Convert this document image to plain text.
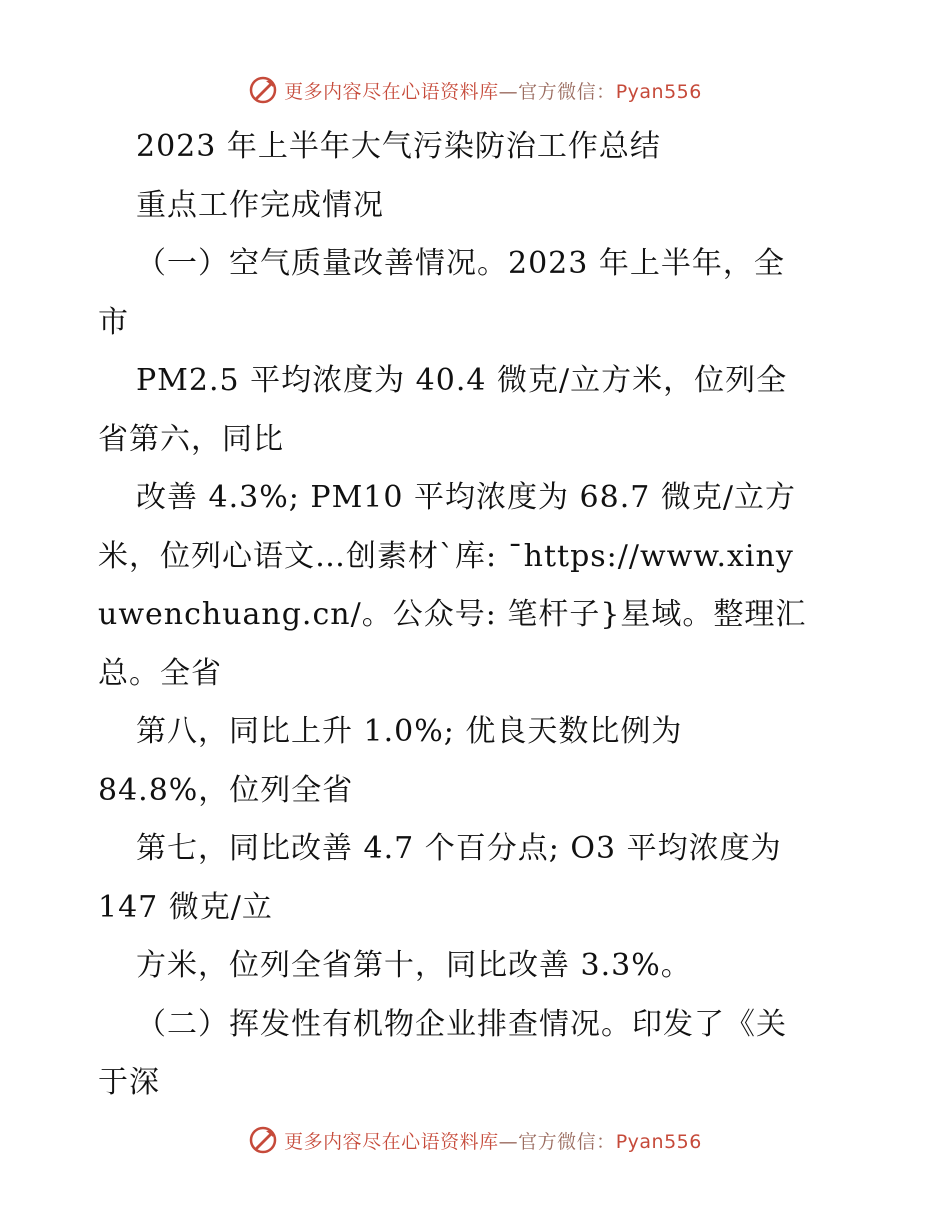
更多内容尽在心语资料库—官方微信：Pyan556
2023 年上半年大气污染防治工作总结
重点工作完成情况
（一）空气质量改善情况。2023 年上半年，全
市
PM2.5 平均浓度为 40.4 微克/立方米，位列全
省第六，同比
改善 4.3%; PM10 平均浓度为 68.7 微克/立方
米，位列心语文…创素材`库: ¯https://www.xiny
uwenchuang.cn/。公众号: 笔杆子}星域。整理汇
总。全省
第八，同比上升 1.0%; 优良天数比例为
84.8%，位列全省
第七，同比改善 4.7 个百分点; O3 平均浓度为
147 微克/立
方米，位列全省第十，同比改善 3.3%。
（二）挥发性有机物企业排查情况。印发了《关
于深
更多内容尽在心语资料库—官方微信：Pyan556
